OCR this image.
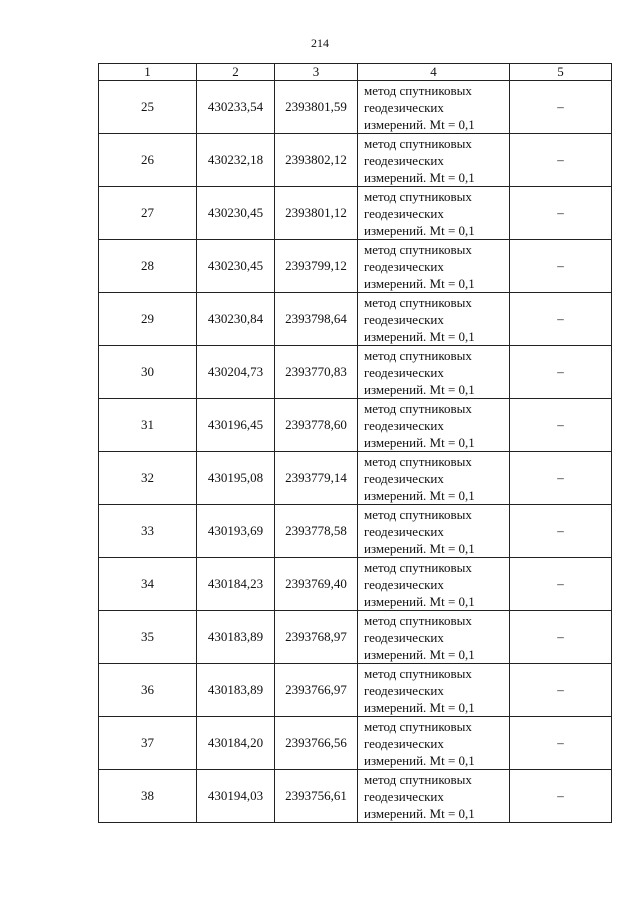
214
1	2	3	4	5
25	430233,54	2393801,59	метод спутниковых
геодезических
измерений. Mt = 0,1	–
26	430232,18	2393802,12	метод спутниковых
геодезических
измерений. Mt = 0,1	–
27	430230,45	2393801,12	метод спутниковых
геодезических
измерений. Mt = 0,1	–
28	430230,45	2393799,12	метод спутниковых
геодезических
измерений. Mt = 0,1	–
29	430230,84	2393798,64	метод спутниковых
геодезических
измерений. Mt = 0,1	–
30	430204,73	2393770,83	метод спутниковых
геодезических
измерений. Mt = 0,1	–
31	430196,45	2393778,60	метод спутниковых
геодезических
измерений. Mt = 0,1	–
32	430195,08	2393779,14	метод спутниковых
геодезических
измерений. Mt = 0,1	–
33	430193,69	2393778,58	метод спутниковых
геодезических
измерений. Mt = 0,1	–
34	430184,23	2393769,40	метод спутниковых
геодезических
измерений. Mt = 0,1	–
35	430183,89	2393768,97	метод спутниковых
геодезических
измерений. Mt = 0,1	–
36	430183,89	2393766,97	метод спутниковых
геодезических
измерений. Mt = 0,1	–
37	430184,20	2393766,56	метод спутниковых
геодезических
измерений. Mt = 0,1	–
38	430194,03	2393756,61	метод спутниковых
геодезических
измерений. Mt = 0,1	–
